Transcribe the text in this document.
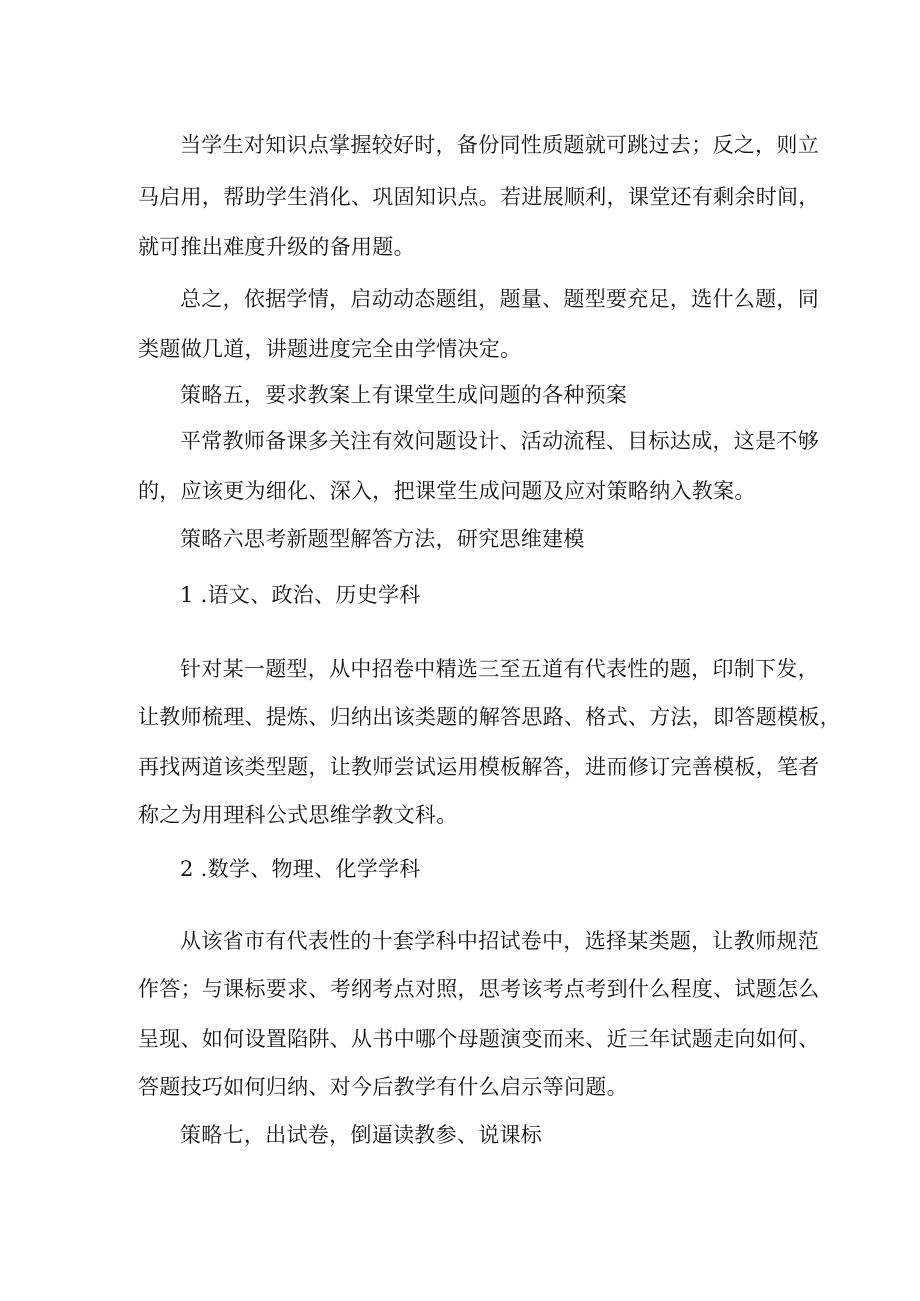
当学生对知识点掌握较好时，备份同性质题就可跳过去；反之，则立

马启用，帮助学生消化、巩固知识点。若进展顺利，课堂还有剩余时间，

就可推出难度升级的备用题。

总之，依据学情，启动动态题组，题量、题型要充足，选什么题，同

类题做几道，讲题进度完全由学情决定。

策略五，要求教案上有课堂生成问题的各种预案

平常教师备课多关注有效问题设计、活动流程、目标达成，这是不够

的，应该更为细化、深入，把课堂生成问题及应对策略纳入教案。

策略六思考新题型解答方法，研究思维建模

1 .语文、政治、历史学科

针对某一题型，从中招卷中精选三至五道有代表性的题，印制下发，

让教师梳理、提炼、归纳出该类题的解答思路、格式、方法，即答题模板，

再找两道该类型题，让教师尝试运用模板解答，进而修订完善模板，笔者

称之为用理科公式思维学教文科。

2 .数学、物理、化学学科

从该省市有代表性的十套学科中招试卷中，选择某类题，让教师规范

作答；与课标要求、考纲考点对照，思考该考点考到什么程度、试题怎么

呈现、如何设置陷阱、从书中哪个母题演变而来、近三年试题走向如何、

答题技巧如何归纳、对今后教学有什么启示等问题。

策略七，出试卷，倒逼读教参、说课标
